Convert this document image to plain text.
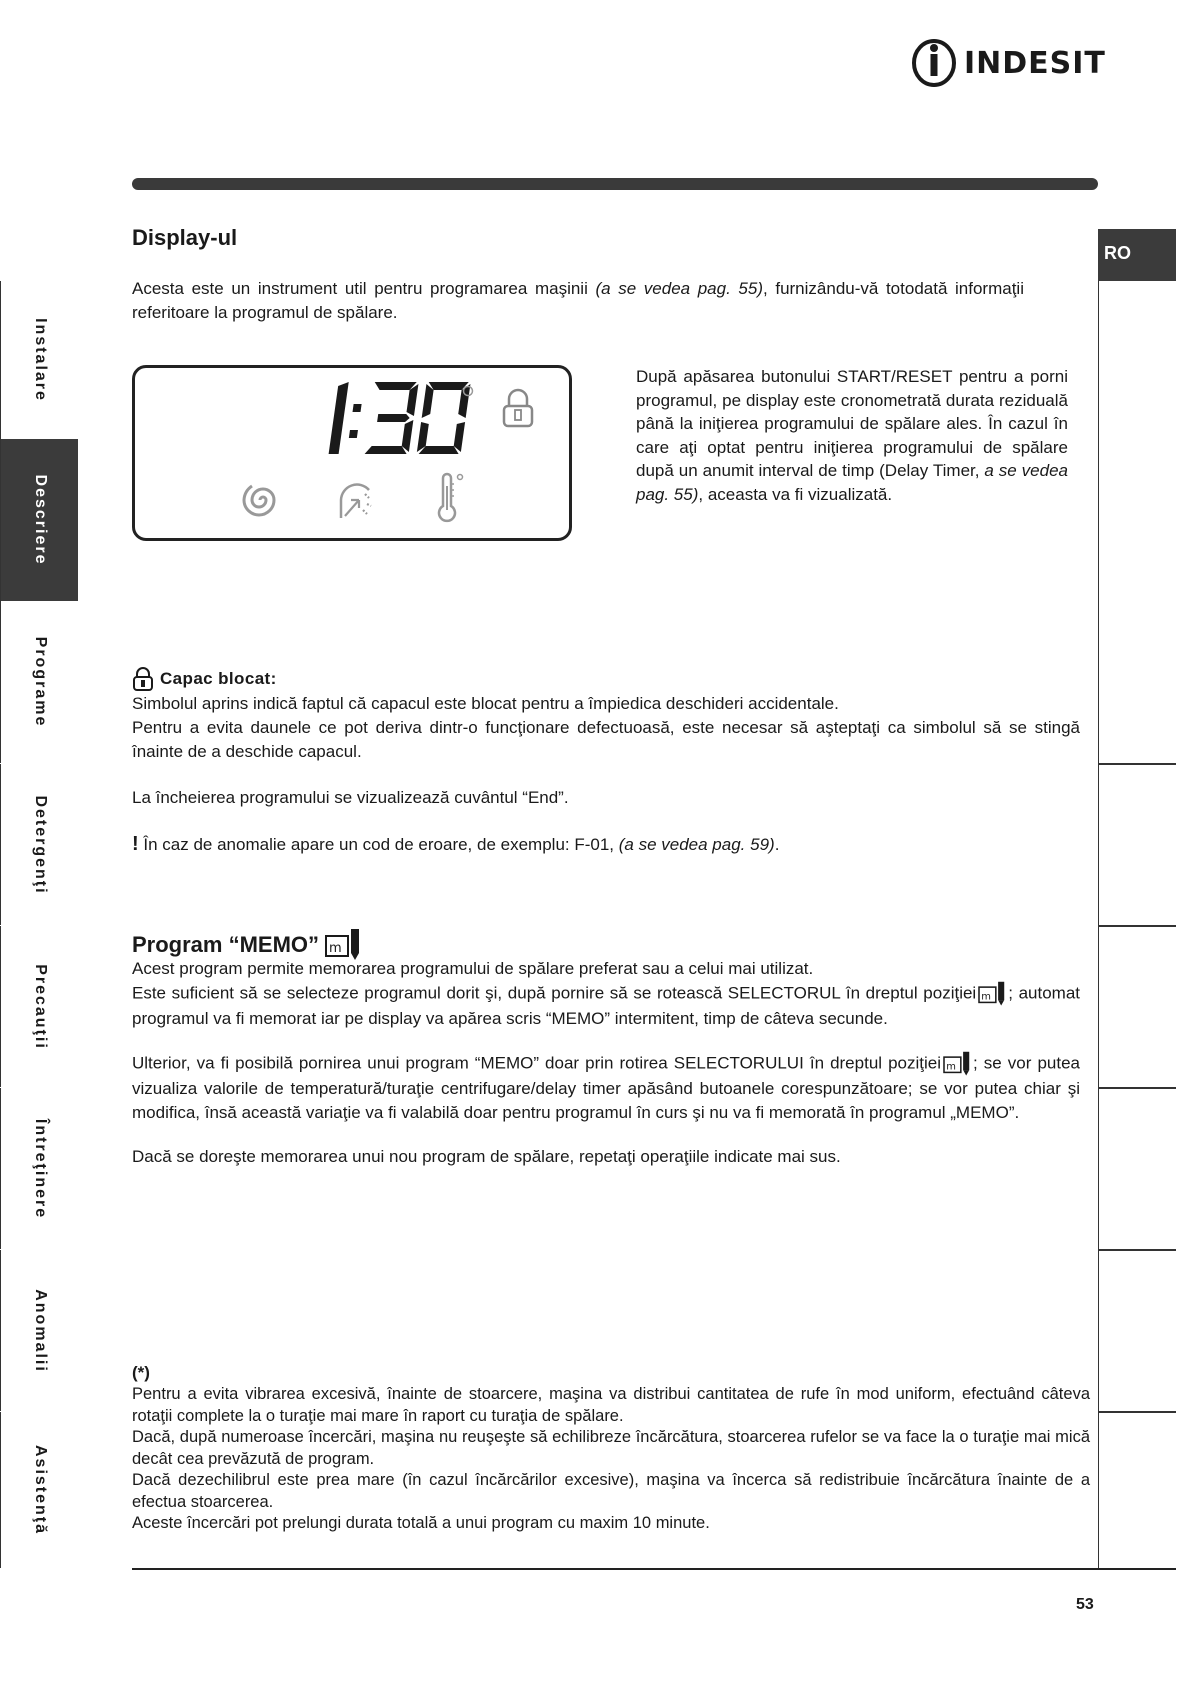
INDESIT
Display-ul

Acesta este un instrument util pentru programarea maşinii (a se vedea pag. 55), furnizându-vă totodată informaţii referitoare la programul de spălare.

După apăsarea butonului START/RESET pentru a porni programul, pe display este cronometrată durata reziduală până la iniţierea programului de spălare ales. În cazul în care aţi optat pentru iniţierea programului de spălare după un anumit interval de timp (Delay Timer, a se vedea pag. 55), aceasta va fi vizualizată.

Capac blocat:

Simbolul aprins indică faptul că capacul este blocat pentru a împiedica deschideri accidentale.

Pentru a evita daunele ce pot deriva dintr-o funcţionare defectuoasă, este necesar să aşteptaţi ca simbolul să se stingă înainte de a deschide capacul.

La încheierea programului se vizualizează cuvântul “End”.

! În caz de anomalie apare un cod de eroare, de exemplu: F-01, (a se vedea pag. 59).

Program “MEMO” m

Acest program permite memorarea programului de spălare preferat sau a celui mai utilizat.

Este suficient să se selecteze programul dorit şi, după pornire să se rotească SELECTORUL în dreptul poziţiei m ; automat programul va fi memorat iar pe display va apărea scris “MEMO” intermitent, timp de câteva secunde.

Ulterior, va fi posibilă pornirea unui program “MEMO” doar prin rotirea SELECTORULUI în dreptul poziţiei m ; se vor putea vizualiza valorile de temperatură/turaţie centrifugare/delay timer apăsând butoanele corespunzătoare; se vor putea chiar şi modifica, însă această variaţie va fi valabilă doar pentru programul în curs şi nu va fi memorată în programul „MEMO”.

Dacă se doreşte memorarea unui nou program de spălare, repetaţi operaţiile indicate mai sus.

(*)

Pentru a evita vibrarea excesivă, înainte de stoarcere, maşina va distribui cantitatea de rufe în mod uniform, efectuând câteva rotaţii complete la o turaţie mai mare în raport cu turaţia de spălare.

Dacă, după numeroase încercări, maşina nu reuşeşte să echilibreze încărcătura, stoarcerea rufelor se va face la o turaţie mai mică decât cea prevăzută de program.

Dacă dezechilibrul este prea mare (în cazul încărcărilor excesive), maşina va încerca să redistribuie încărcătura înainte de a efectua stoarcerea.

Aceste încercări pot prelungi durata totală a unui program cu maxim 10 minute.

RO
Instalare
Descriere
Programe
Detergenţi
Precauţii
Întreţinere
Anomalii
Asistenţă
53
